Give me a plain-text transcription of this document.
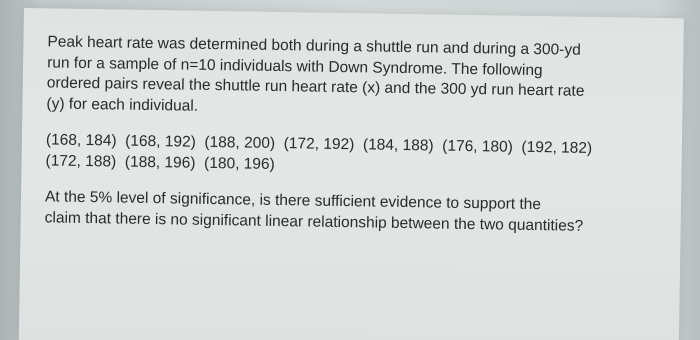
Peak heart rate was determined both during a shuttle run and during a 300-yd
run for a sample of n=10 individuals with Down Syndrome. The following
ordered pairs reveal the shuttle run heart rate (x) and the 300 yd run heart rate
(y) for each individual.

(168, 184)  (168, 192)  (188, 200)  (172, 192)  (184, 188)  (176, 180)  (192, 182)
(172, 188)  (188, 196)  (180, 196)

At the 5% level of significance, is there sufficient evidence to support the
claim that there is no significant linear relationship between the two quantities?
